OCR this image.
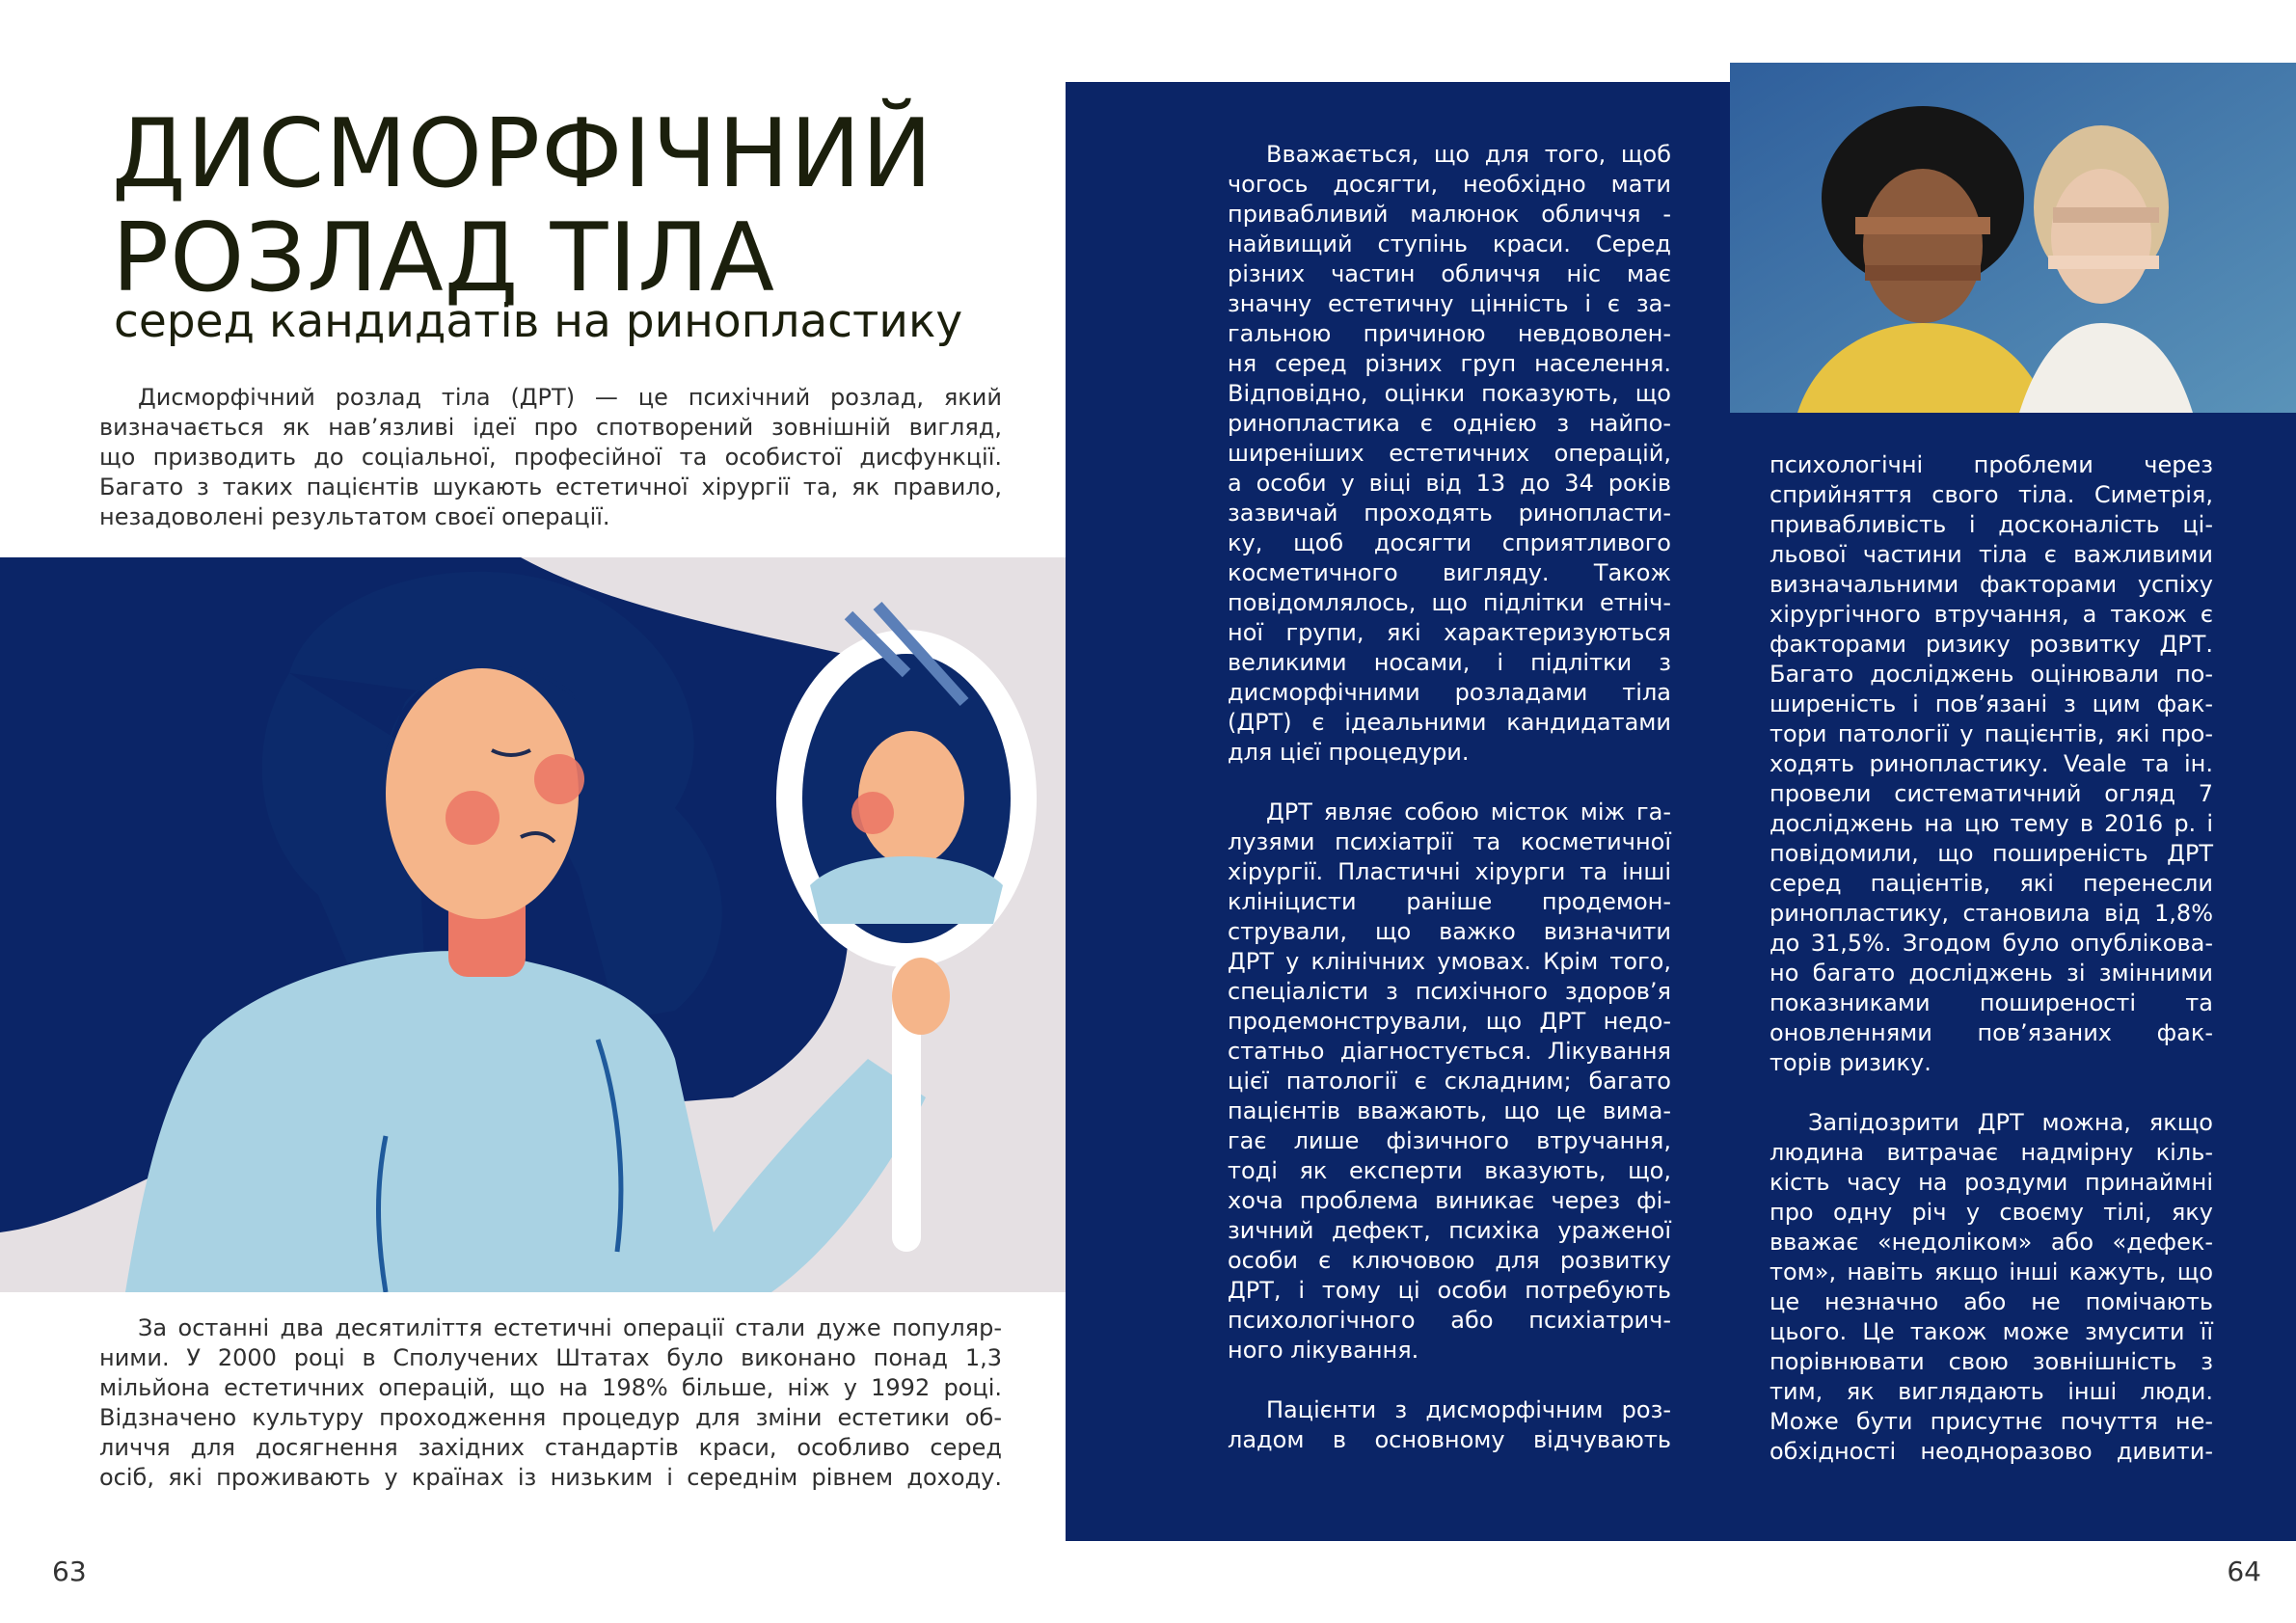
ДИСМОРФІЧНИЙ
РОЗЛАД ТІЛА
серед кандидатів на ринопластику
Дисморфічний розлад тіла (ДРТ) — це психічний розлад, який
визначається як нав’язливі ідеї про спотворений зовнішній вигляд,
що призводить до соціальної, професійної та особистої дисфункції.
Багато з таких пацієнтів шукають естетичної хірургії та, як правило,
незадоволені результатом своєї операції.
За останні два десятиліття естетичні операції стали дуже популяр-
ними. У 2000 році в Сполучених Штатах було виконано понад 1,3
мільйона естетичних операцій, що на 198% більше, ніж у 1992 році.
Відзначено культуру проходження процедур для зміни естетики об-
личчя для досягнення західних стандартів краси, особливо серед
осіб, які проживають у країнах із низьким і середнім рівнем доходу.
Вважається, що для того, щоб
чогось досягти, необхідно мати
привабливий малюнок обличчя -
найвищий ступінь краси. Серед
різних частин обличчя ніс має
значну естетичну цінність і є за-
гальною причиною невдоволен-
ня серед різних груп населення.
Відповідно, оцінки показують, що
ринопластика є однією з найпо-
ширеніших естетичних операцій,
а особи у віці від 13 до 34 років
зазвичай проходять ринопласти-
ку, щоб досягти сприятливого
косметичного вигляду. Також
повідомлялось, що підлітки етніч-
ної групи, які характеризуються
великими носами, і підлітки з
дисморфічними розладами тіла
(ДРТ) є ідеальними кандидатами
для цієї процедури.
ДРТ являє собою місток між га-
лузями психіатрії та косметичної
хірургії. Пластичні хірурги та інші
клініцисти раніше продемон-
стрували, що важко визначити
ДРТ у клінічних умовах. Крім того,
спеціалісти з психічного здоров’я
продемонстрували, що ДРТ недо-
статньо діагностується. Лікування
цієї патології є складним; багато
пацієнтів вважають, що це вима-
гає лише фізичного втручання,
тоді як експерти вказують, що,
хоча проблема виникає через фі-
зичний дефект, психіка ураженої
особи є ключовою для розвитку
ДРТ, і тому ці особи потребують
психологічного або психіатрич-
ного лікування.
Пацієнти з дисморфічним роз-
ладом в основному відчувають
психологічні проблеми через
сприйняття свого тіла. Симетрія,
привабливість і досконалість ці-
льової частини тіла є важливими
визначальними факторами успіху
хірургічного втручання, а також є
факторами ризику розвитку ДРТ.
Багато досліджень оцінювали по-
ширеність і пов’язані з цим фак-
тори патології у пацієнтів, які про-
ходять ринопластику. Veale та ін.
провели систематичний огляд 7
досліджень на цю тему в 2016 р. і
повідомили, що поширеність ДРТ
серед пацієнтів, які перенесли
ринопластику, становила від 1,8%
до 31,5%. Згодом було опублікова-
но багато досліджень зі змінними
показниками поширеності та
оновленнями пов’язаних фак-
торів ризику.
Запідозрити ДРТ можна, якщо
людина витрачає надмірну кіль-
кість часу на роздуми принаймні
про одну річ у своєму тілі, яку
вважає «недоліком» або «дефек-
том», навіть якщо інші кажуть, що
це незначно або не помічають
цього. Це також може змусити її
порівнювати свою зовнішність з
тим, як виглядають інші люди.
Може бути присутнє почуття не-
обхідності неодноразово дивити-
63	64
